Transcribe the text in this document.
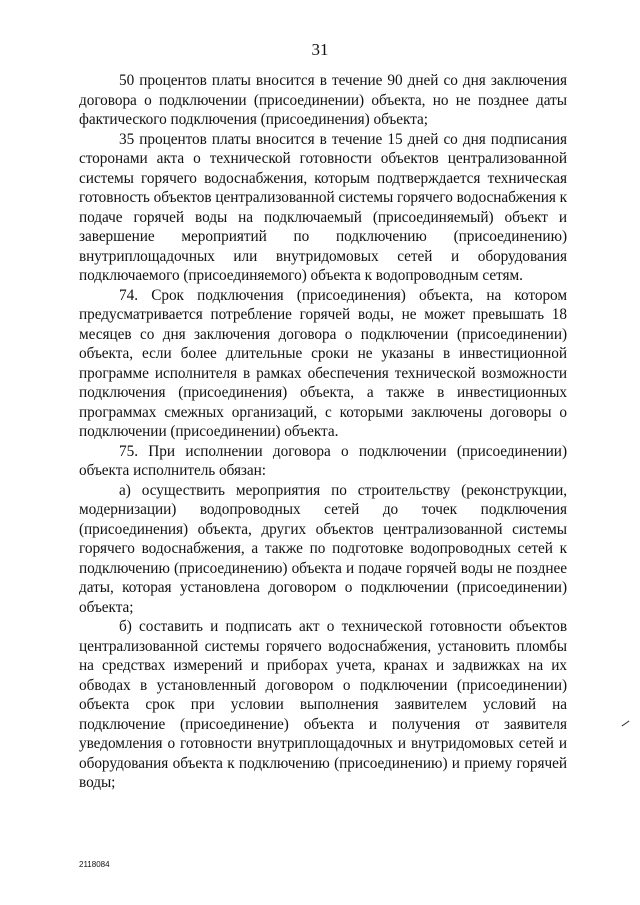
31

50 процентов платы вносится в течение 90 дней со дня заключения договора о подключении (присоединении) объекта, но не позднее даты фактического подключения (присоединения) объекта;

35 процентов платы вносится в течение 15 дней со дня подписания сторонами акта о технической готовности объектов централизованной системы горячего водоснабжения, которым подтверждается техническая готовность объектов централизованной системы горячего водоснабжения к подаче горячей воды на подключаемый (присоединяемый) объект и завершение мероприятий по подключению (присоединению) внутриплощадочных или внутридомовых сетей и оборудования подключаемого (присоединяемого) объекта к водопроводным сетям.

74. Срок подключения (присоединения) объекта, на котором предусматривается потребление горячей воды, не может превышать 18 месяцев со дня заключения договора о подключении (присоединении) объекта, если более длительные сроки не указаны в инвестиционной программе исполнителя в рамках обеспечения технической возможности подключения (присоединения) объекта, а также в инвестиционных программах смежных организаций, с которыми заключены договоры о подключении (присоединении) объекта.

75. При исполнении договора о подключении (присоединении) объекта исполнитель обязан:

а) осуществить мероприятия по строительству (реконструкции, модернизации) водопроводных сетей до точек подключения (присоединения) объекта, других объектов централизованной системы горячего водоснабжения, а также по подготовке водопроводных сетей к подключению (присоединению) объекта и подаче горячей воды не позднее даты, которая установлена договором о подключении (присоединении) объекта;

б) составить и подписать акт о технической готовности объектов централизованной системы горячего водоснабжения, установить пломбы на средствах измерений и приборах учета, кранах и задвижках на их обводах в установленный договором о подключении (присоединении) объекта срок при условии выполнения заявителем условий на подключение (присоединение) объекта и получения от заявителя уведомления о готовности внутриплощадочных и внутридомовых сетей и оборудования объекта к подключению (присоединению) и приему горячей воды;

2118084
